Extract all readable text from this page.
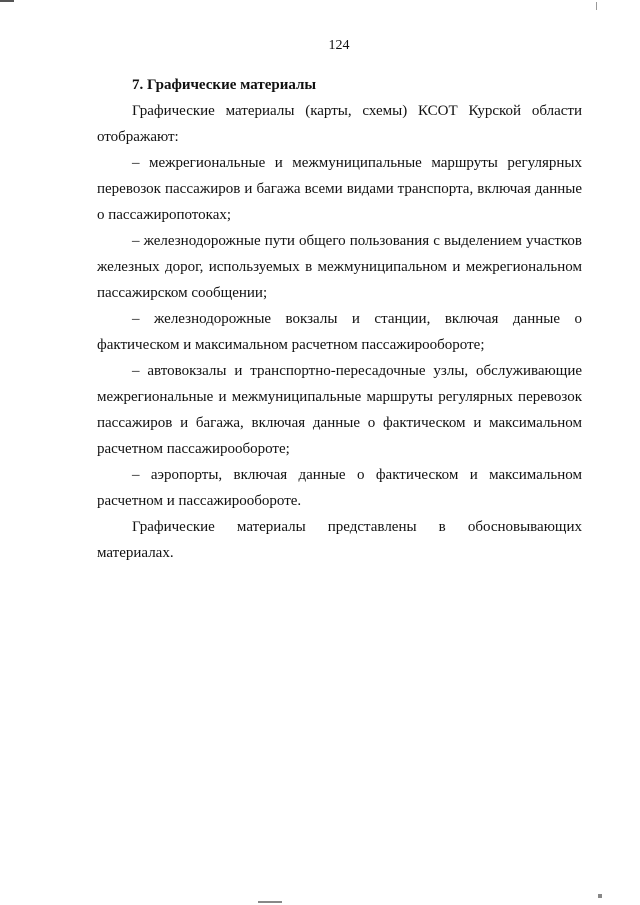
124

7. Графические материалы

Графические материалы (карты, схемы) КСОТ Курской области отображают:

– межрегиональные и межмуниципальные маршруты регулярных перевозок пассажиров и багажа всеми видами транспорта, включая данные о пассажиропотоках;

– железнодорожные пути общего пользования с выделением участков железных дорог, используемых в межмуниципальном и межрегиональном пассажирском сообщении;

– железнодорожные вокзалы и станции, включая данные о фактическом и максимальном расчетном пассажирообороте;

– автовокзалы и транспортно-пересадочные узлы, обслуживающие межрегиональные и межмуниципальные маршруты регулярных перевозок пассажиров и багажа, включая данные о фактическом и максимальном расчетном пассажирообороте;

– аэропорты, включая данные о фактическом и максимальном расчетном и пассажирообороте.

Графические материалы представлены в обосновывающих материалах.
